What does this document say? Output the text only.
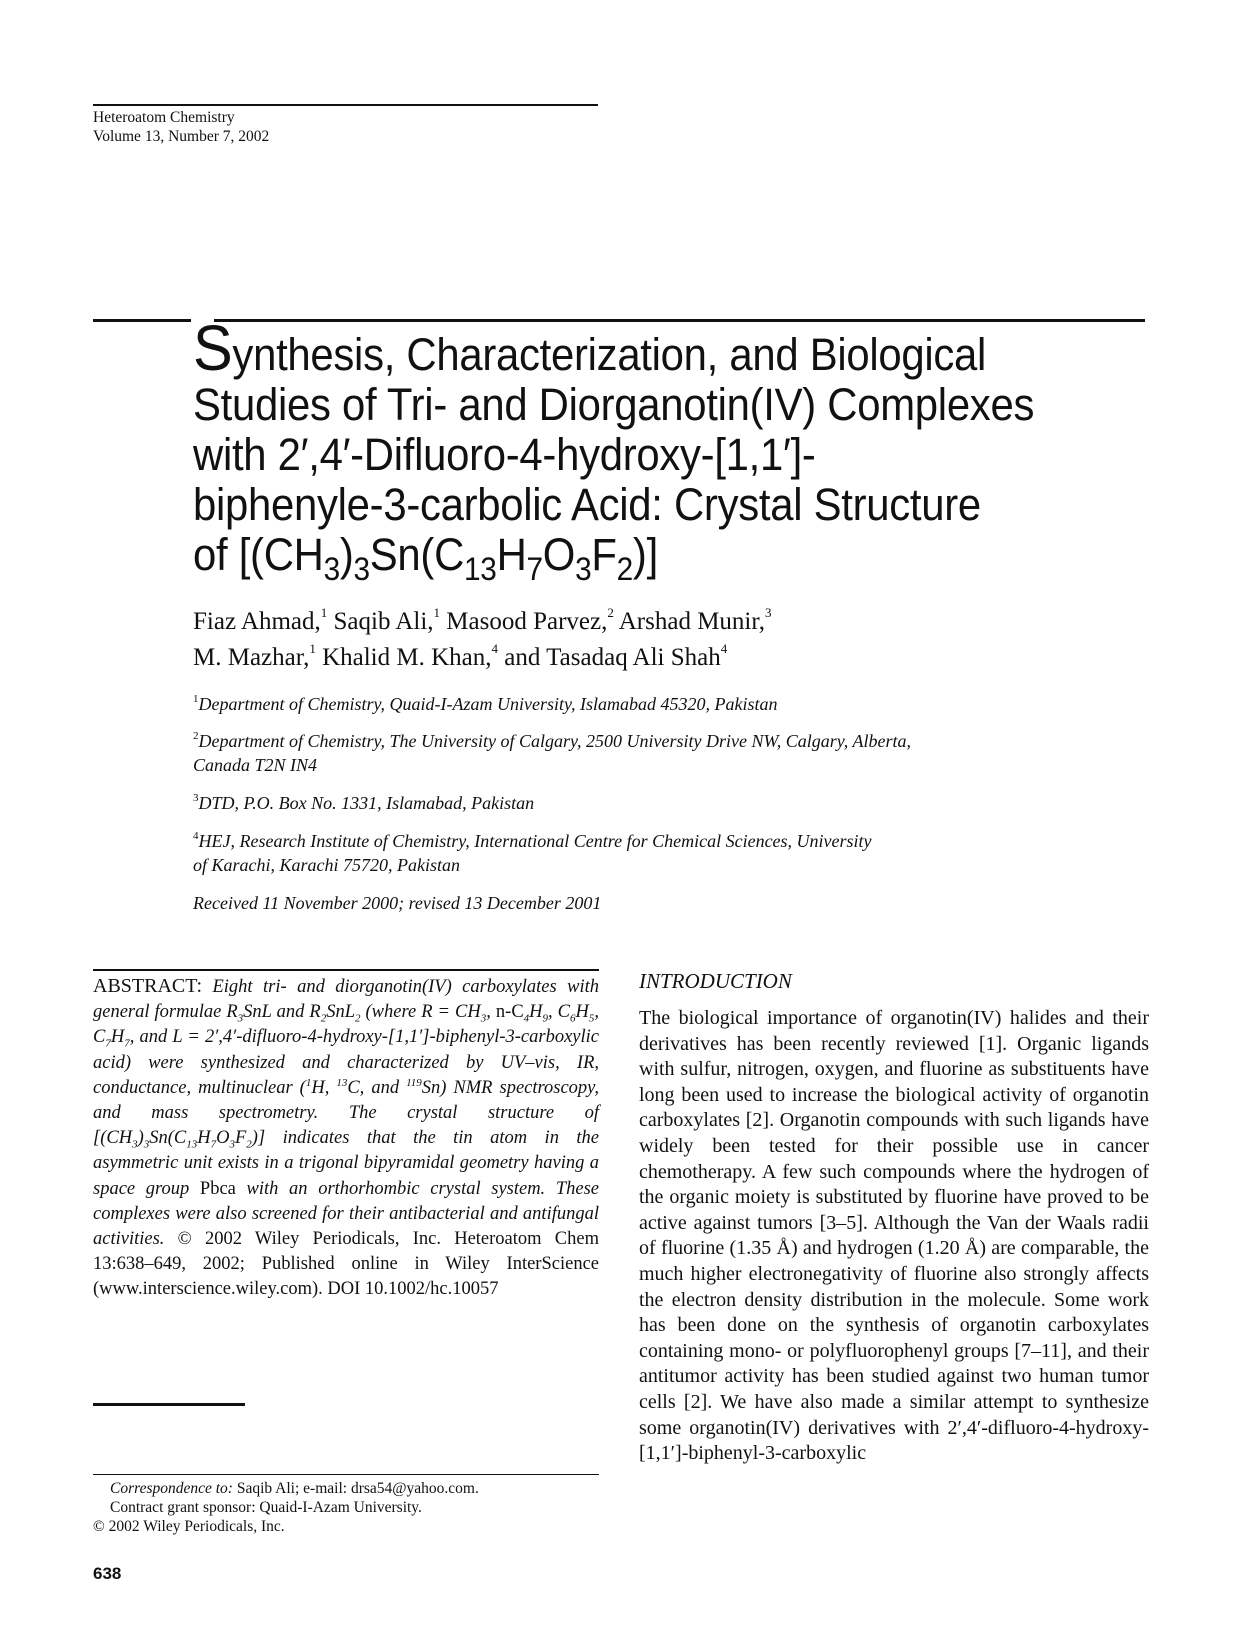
Heteroatom Chemistry
Volume 13, Number 7, 2002
Synthesis, Characterization, and Biological
Studies of Tri- and Diorganotin(IV) Complexes
with 2′,4′-Difluoro-4-hydroxy-[1,1′]-
biphenyle-3-carbolic Acid: Crystal Structure
of $[(CH_3)_3Sn(C_{13}H_7O_3F_2)]$
Fiaz Ahmad,$^1$ Saqib Ali,$^1$ Masood Parvez,$^2$ Arshad Munir,$^3$
M. Mazhar,$^1$ Khalid M. Khan,$^4$ and Tasadaq Ali Shah$^4$
$^1$Department of Chemistry, Quaid-I-Azam University, Islamabad 45320, Pakistan
$^2$Department of Chemistry, The University of Calgary, 2500 University Drive NW, Calgary, Alberta,
Canada T2N IN4
$^3$DTD, P.O. Box No. 1331, Islamabad, Pakistan
$^4$HEJ, Research Institute of Chemistry, International Centre for Chemical Sciences, University
of Karachi, Karachi 75720, Pakistan
Received 11 November 2000; revised 13 December 2001
ABSTRACT: Eight tri- and diorganotin(IV) carboxylates with general formulae $R_3SnL$ and $R_2SnL_2$ (where $R = CH_3$, $n-C_4H_9$, $C_6H_5$, $C_7H_7$, and L = 2′,4′-difluoro-4-hydroxy-[1,1′]-biphenyl-3-carboxylic acid) were synthesized and characterized by UV–vis, IR, conductance, multinuclear ($^1$H, $^{13}$C, and $^{119}$Sn) NMR spectroscopy, and mass spectrometry. The crystal structure of $[(CH_3)_3Sn(C_{13}H_7O_3F_2)]$ indicates that the tin atom in the asymmetric unit exists in a trigonal bipyramidal geometry having a space group Pbca with an orthorhombic crystal system. These complexes were also screened for their antibacterial and antifungal activities. © 2002 Wiley Periodicals, Inc. Heteroatom Chem 13:638–649, 2002; Published online in Wiley InterScience (www.interscience.wiley.com). DOI 10.1002/hc.10057
Correspondence to: Saqib Ali; e-mail: drsa54@yahoo.com.
Contract grant sponsor: Quaid-I-Azam University.
© 2002 Wiley Periodicals, Inc.
638
INTRODUCTION
The biological importance of organotin(IV) halides and their derivatives has been recently reviewed [1]. Organic ligands with sulfur, nitrogen, oxygen, and fluorine as substituents have long been used to increase the biological activity of organotin carboxylates [2]. Organotin compounds with such ligands have widely been tested for their possible use in cancer chemotherapy. A few such compounds where the hydrogen of the organic moiety is substituted by fluorine have proved to be active against tumors [3–5]. Although the Van der Waals radii of fluorine (1.35 Å) and hydrogen (1.20 Å) are comparable, the much higher electronegativity of fluorine also strongly affects the electron density distribution in the molecule. Some work has been done on the synthesis of organotin carboxylates containing mono- or polyfluorophenyl groups [7–11], and their antitumor activity has been studied against two human tumor cells [2]. We have also made a similar attempt to synthesize some organotin(IV) derivatives with 2′,4′-difluoro-4-hydroxy-[1,1′]-biphenyl-3-carboxylic
